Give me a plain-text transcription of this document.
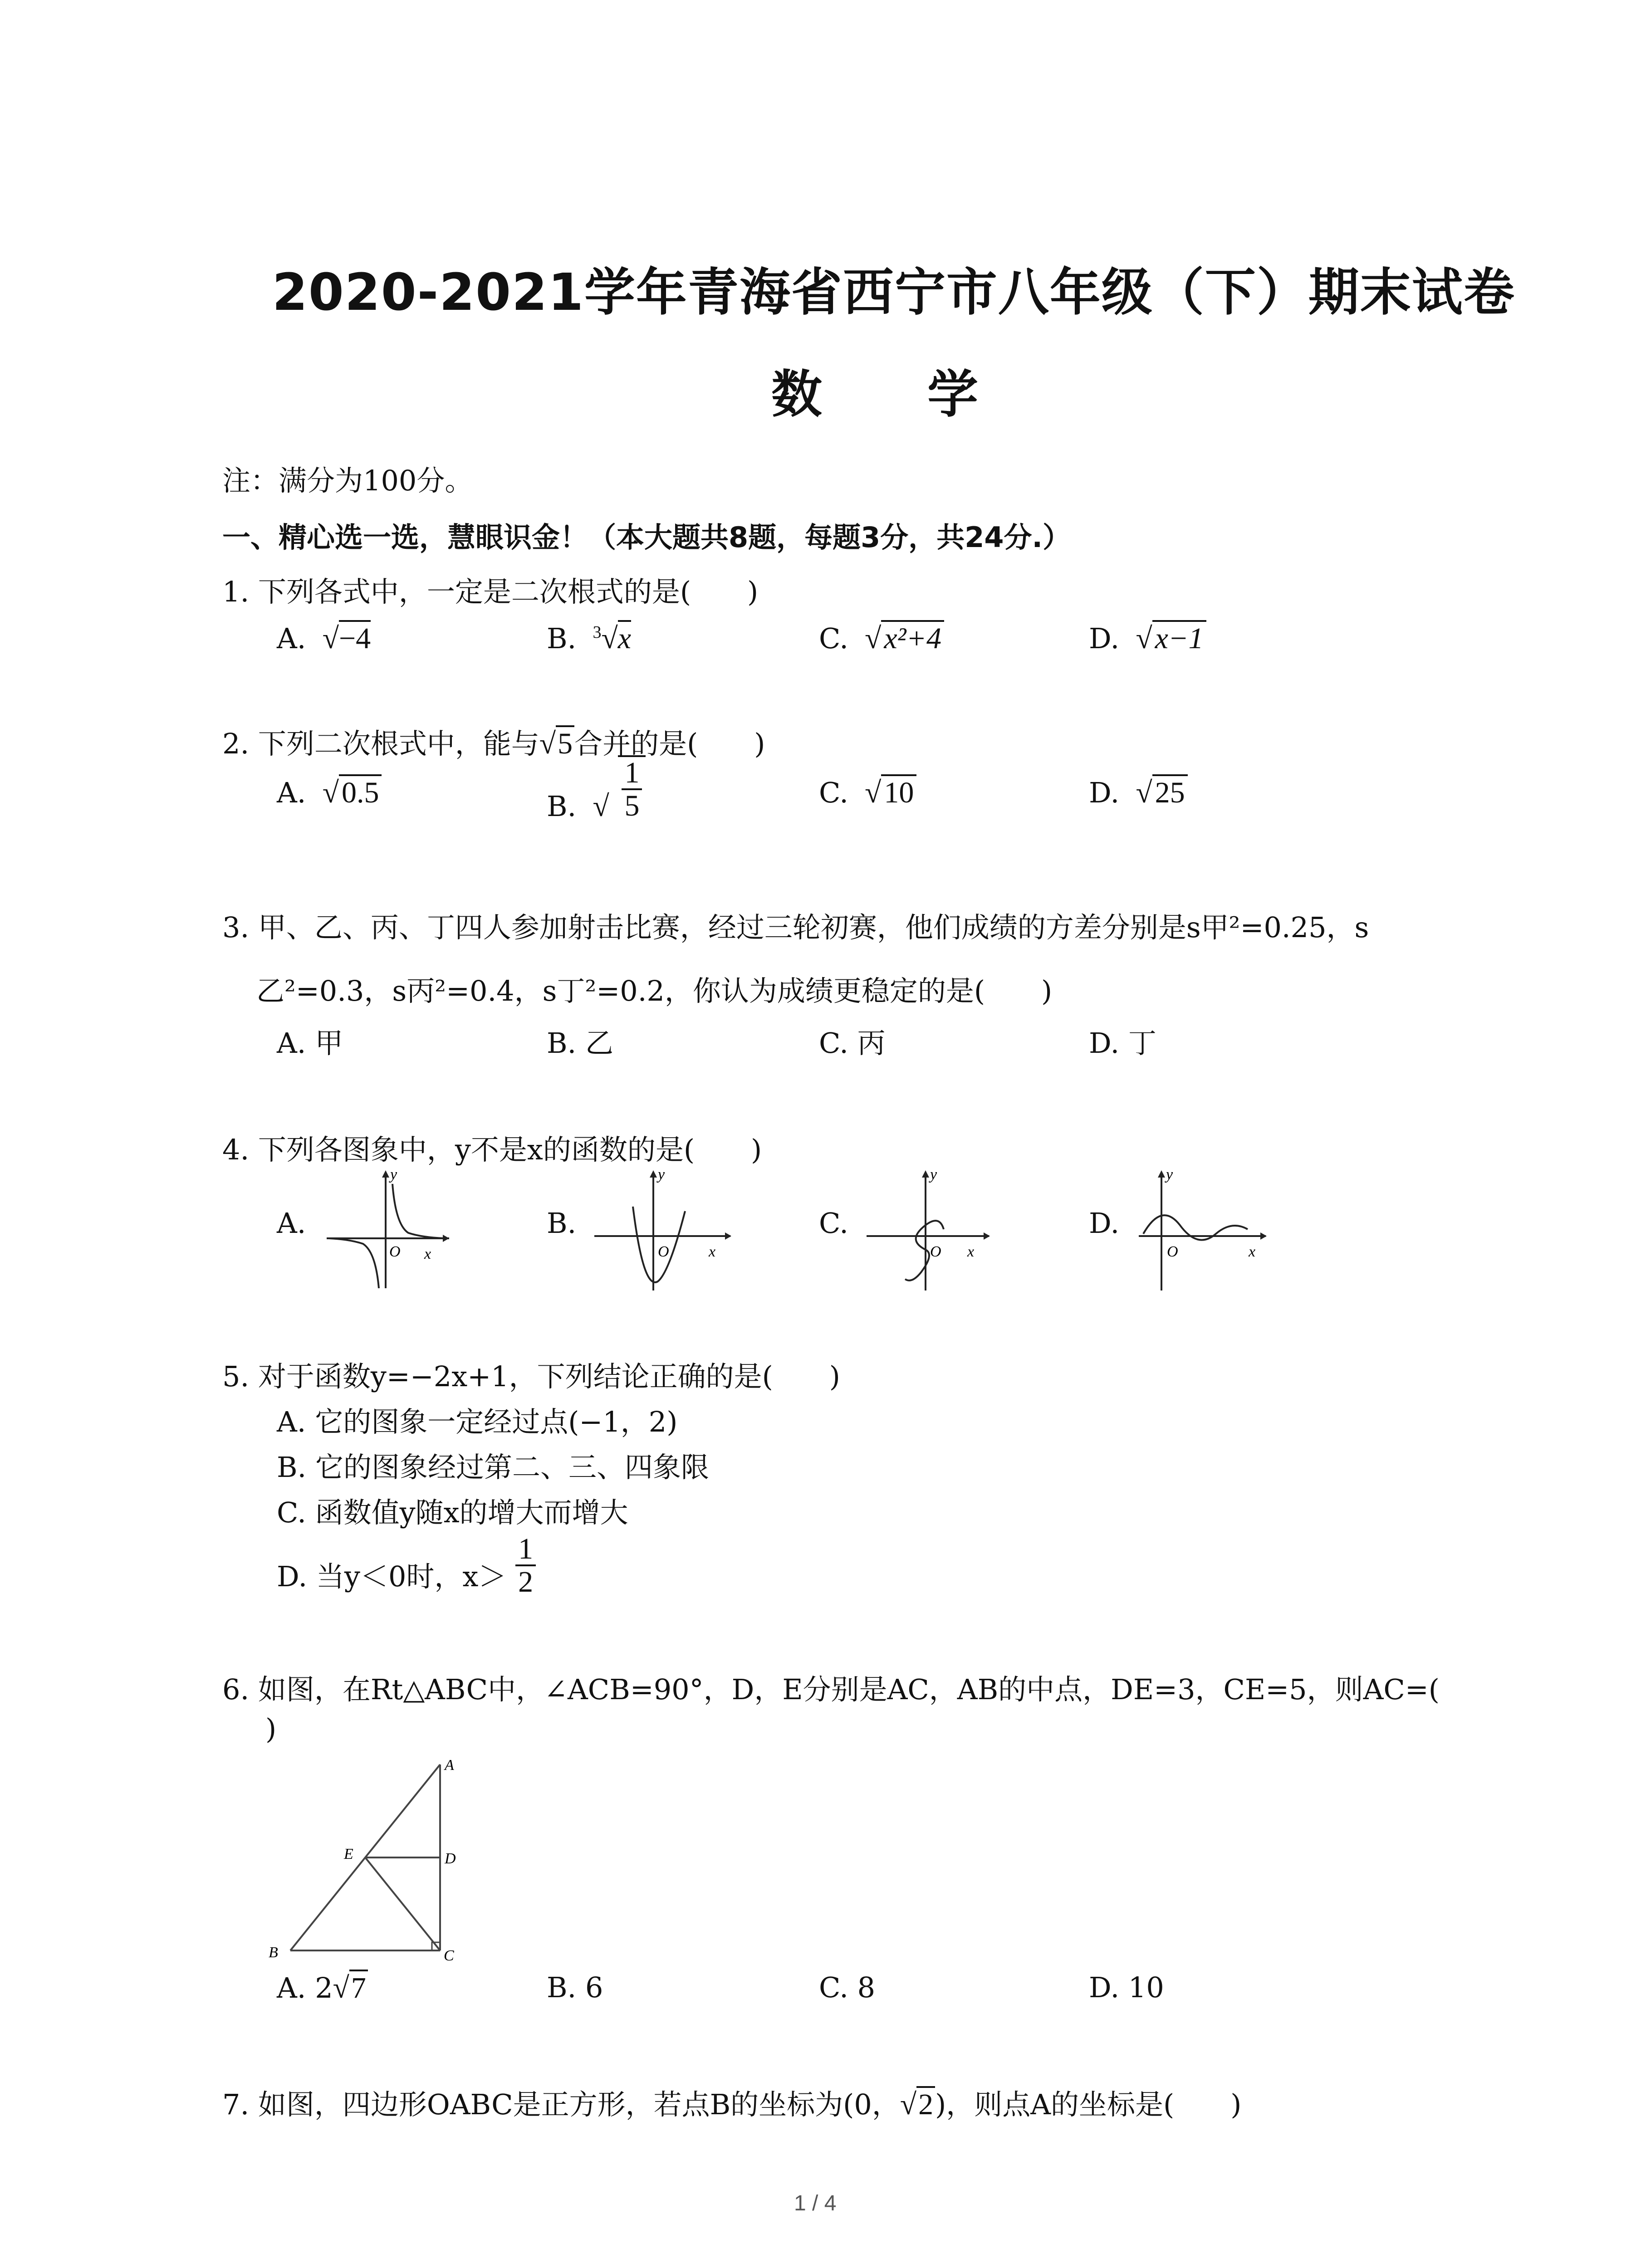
2020-2021学年青海省西宁市八年级（下）期末试卷
数　学
注：满分为100分。
一、精心选一选，慧眼识金！（本大题共8题，每题3分，共24分.）
1. 下列各式中，一定是二次根式的是(　　)
A.  √−4	B. $^3$√x	C.  √x²+4	D.  √x−1
2. 下列二次根式中，能与√5合并的是(　　)
A.  √0.5	B.  √ $\frac{1}{5}$	C.  √10	D.  √25
3. 甲、乙、丙、丁四人参加射击比赛，经过三轮初赛，他们成绩的方差分别是s甲²=0.25，s
乙²=0.3，s丙²=0.4，s丁²=0.2，你认为成绩更稳定的是(　　)
A. 甲	B. 乙	C. 丙	D. 丁
4. 下列各图象中，y不是x的函数的是(　　)
A.	B.	C.	D.
y
O x
y
O	x
y
O x
y
O	x
5. 对于函数y=−2x+1，下列结论正确的是(　　)
A. 它的图象一定经过点(−1，2)
B. 它的图象经过第二、三、四象限
C. 函数值y随x的增大而增大
D. 当y＜0时，$x> \frac{1}{2}$
6. 如图，在Rt△ABC中，∠ACB=90°，D，E分别是AC，AB的中点，DE=3，CE=5，则AC=(
)
A
B	C
D
E
A. 2√7	B. 6	C. 8	D. 10
7. 如图，四边形OABC是正方形，若点B的坐标为(0，√2)，则点A的坐标是(　　)
1 / 4
